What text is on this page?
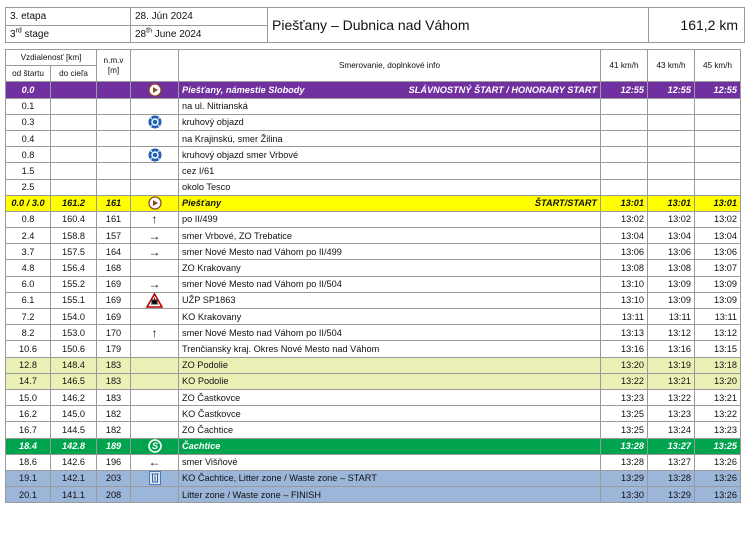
3. etapa
3rd stage
28. Jún 2024
28th June 2024
Piešťany – Dubnica nad Váhom	161,2 km
Vzdialenosť [km]		n.m.v [m]		Smerovanie, doplnkové info	41 km/h	43 km/h	45 km/h
od štartu	do cieľa						
0.0				Piešťany, námestie Slobody SLÁVNOSTNÝ ŠTART / HONORARY START	12:55	12:55	12:55
0.1				na ul. Nitrianská			

0.3				kruhový objazd			

0.4				na Krajinskú, smer Žilina			

0.8				kruhový objazd smer Vrbové			

1.5				cez I/61			

2.5				okolo Tesco			

0.0 / 3.0	161.2	161		Piešťany ŠTART/START	13:01	13:01	13:01
0.8	160.4	161	↑	po II/499	13:02	13:02	13:02
2.4	158.8	157	→	smer Vrbové, ZO Trebatice	13:04	13:04	13:04
3.7	157.5	164	→	smer Nové Mesto nad Váhom po II/499	13:06	13:06	13:06
4.8	156.4	168		ZO Krakovany	13:08	13:08	13:07
6.0	155.2	169	→	smer Nové Mesto nad Váhom po II/504	13:10	13:09	13:09
6.1	155.1	169		UŽP SP1863	13:10	13:09	13:09
7.2	154.0	169		KO Krakovany	13:11	13:11	13:11
8.2	153.0	170	↑	smer Nové Mesto nad Váhom po II/504	13:13	13:12	13:12
10.6	150.6	179		Trenčiansky kraj. Okres Nové Mesto nad Váhom	13:16	13:16	13:15
12.8	148.4	183		ZO Podolie	13:20	13:19	13:18
14.7	146.5	183		KO Podolie	13:22	13:21	13:20
15.0	146.2	183		ZO Častkovce	13:23	13:22	13:21
16.2	145.0	182		KO Častkovce	13:25	13:23	13:22
16.7	144.5	182		ZO Čachtice	13:25	13:24	13:23
18.4	142.8	189	S	Čachtice	13:28	13:27	13:25
18.6	142.6	196	←	smer Višňové	13:28	13:27	13:26
19.1	142.1	203		KO Čachtice, Litter zone / Waste zone – START	13:29	13:28	13:26
20.1	141.1	208		Litter zone / Waste zone – FINISH	13:30	13:29	13:26
